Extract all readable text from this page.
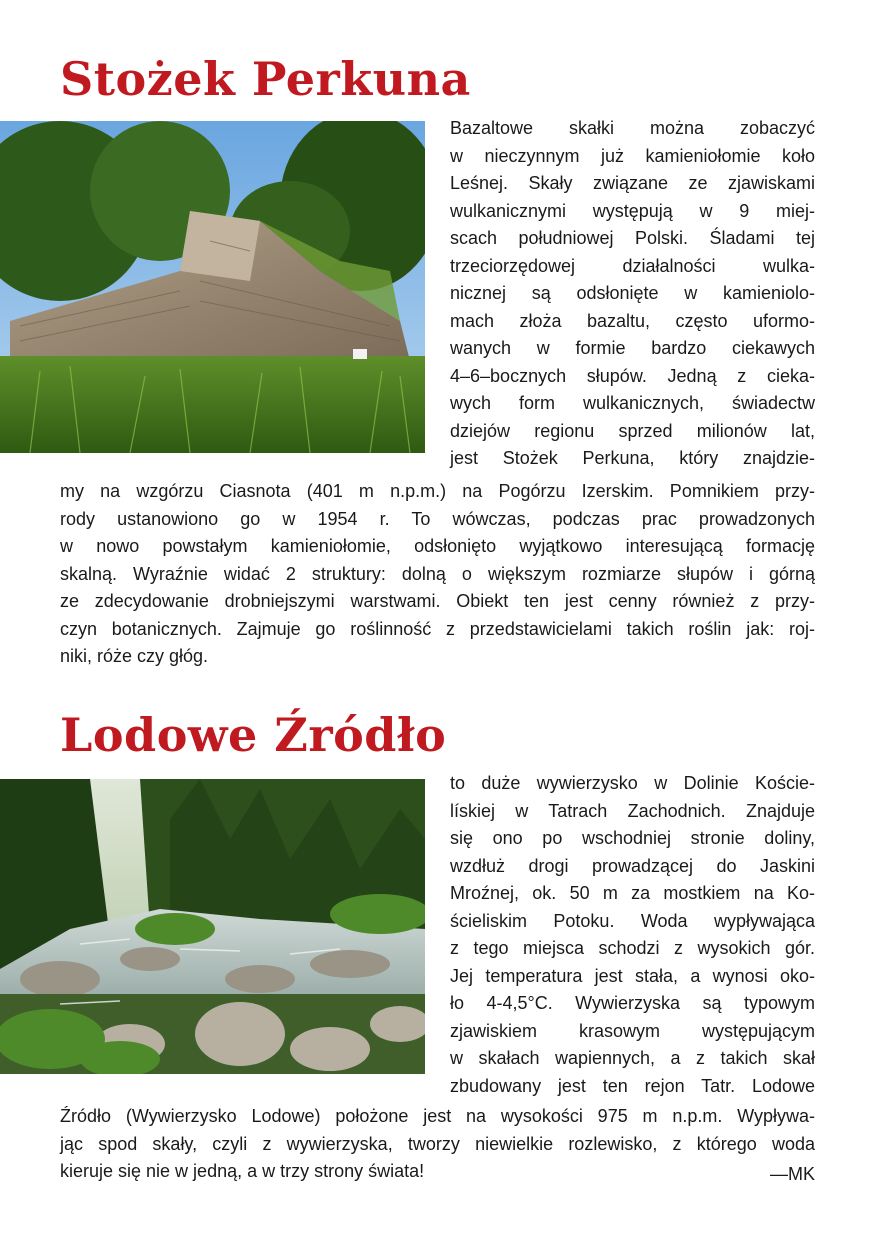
Stożek Perkuna
Bazaltowe skałki można zobaczyć
w nieczynnym już kamieniołomie koło
Leśnej. Skały związane ze zjawiskami
wulkanicznymi występują w 9 miej-
scach południowej Polski. Śladami tej
trzeciorzędowej działalności wulka-
nicznej są odsłonięte w kamieniolo-
mach złoża bazaltu, często uformo-
wanych w formie bardzo ciekawych
4–6–bocznych słupów. Jedną z cieka-
wych form wulkanicznych, świadectw
dziejów regionu sprzed milionów lat,
jest Stożek Perkuna, który znajdzie-
my na wzgórzu Ciasnota (401 m n.p.m.) na Pogórzu Izerskim. Pomnikiem przy-
rody ustanowiono go w 1954 r. To wówczas, podczas prac prowadzonych
w nowo powstałym kamieniołomie, odsłonięto wyjątkowo interesującą formację
skalną. Wyraźnie widać 2 struktury: dolną o większym rozmiarze słupów i górną
ze zdecydowanie drobniejszymi warstwami. Obiekt ten jest cenny również z przy-
czyn botanicznych. Zajmuje go roślinność z przedstawicielami takich roślin jak: roj-
niki, róże czy głóg.
Lodowe Źródło
to duże wywierzysko w Dolinie Koście-
lískiej w Tatrach Zachodnich. Znajduje
się ono po wschodniej stronie doliny,
wzdłuż drogi prowadzącej do Jaskini
Mroźnej, ok. 50 m za mostkiem na Ko-
ścieliskim Potoku. Woda wypływająca
z tego miejsca schodzi z wysokich gór.
Jej temperatura jest stała, a wynosi oko-
ło 4-4,5°C. Wywierzyska są typowym
zjawiskiem krasowym występującym
w skałach wapiennych, a z takich skał
zbudowany jest ten rejon Tatr. Lodowe
Źródło (Wywierzysko Lodowe) położone jest na wysokości 975 m n.p.m. Wypływa-
jąc spod skały, czyli z wywierzyska, tworzy niewielkie rozlewisko, z którego woda
kieruje się nie w jedną, a w trzy strony świata!	—MK
